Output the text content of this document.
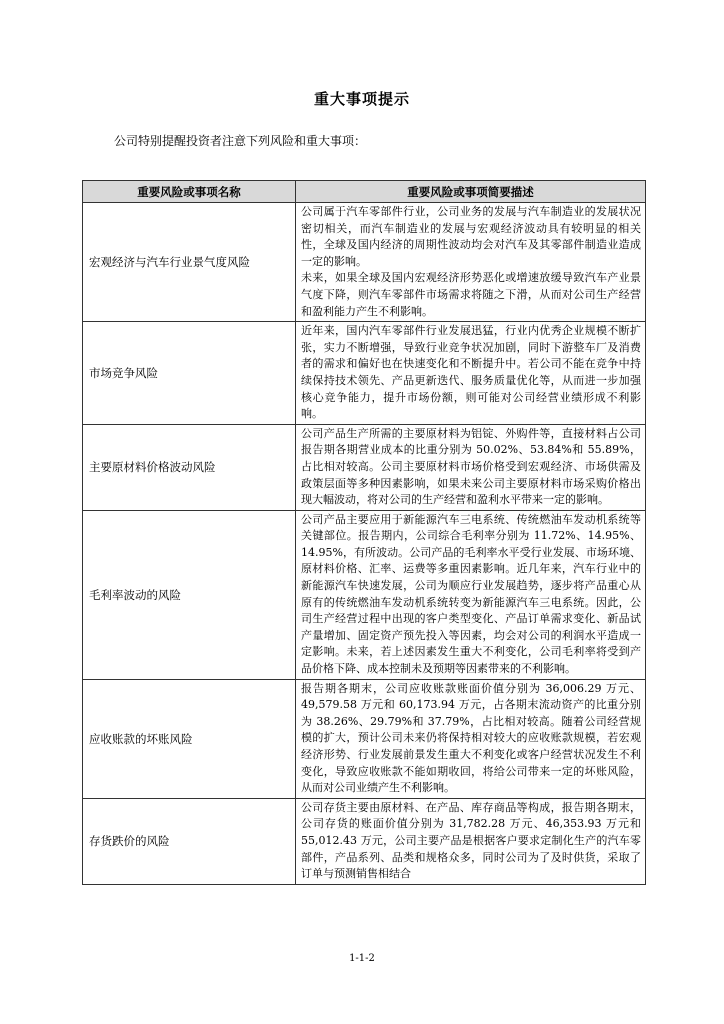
重大事项提示
公司特别提醒投资者注意下列风险和重大事项：
重要风险或事项名称	重要风险或事项简要描述
宏观经济与汽车行业景气度风险	公司属于汽车零部件行业，公司业务的发展与汽车制造业的发展状况密切相关，而汽车制造业的发展与宏观经济波动具有较明显的相关性，全球及国内经济的周期性波动均会对汽车及其零部件制造业造成一定的影响。
未来，如果全球及国内宏观经济形势恶化或增速放缓导致汽车产业景气度下降，则汽车零部件市场需求将随之下滑，从而对公司生产经营和盈利能力产生不利影响。

市场竞争风险	近年来，国内汽车零部件行业发展迅猛，行业内优秀企业规模不断扩张，实力不断增强，导致行业竞争状况加剧，同时下游整车厂及消费者的需求和偏好也在快速变化和不断提升中。若公司不能在竞争中持续保持技术领先、产品更新迭代、服务质量优化等，从而进一步加强核心竞争能力，提升市场份额，则可能对公司经营业绩形成不利影响。

主要原材料价格波动风险	公司产品生产所需的主要原材料为铝锭、外购件等，直接材料占公司报告期各期营业成本的比重分别为 50.02%、53.84%和 55.89%，占比相对较高。公司主要原材料市场价格受到宏观经济、市场供需及政策层面等多种因素影响，如果未来公司主要原材料市场采购价格出现大幅波动，将对公司的生产经营和盈利水平带来一定的影响。

毛利率波动的风险	公司产品主要应用于新能源汽车三电系统、传统燃油车发动机系统等关键部位。报告期内，公司综合毛利率分别为 11.72%、14.95%、14.95%，有所波动。公司产品的毛利率水平受行业发展、市场环境、原材料价格、汇率、运费等多重因素影响。近几年来，汽车行业中的新能源汽车快速发展，公司为顺应行业发展趋势，逐步将产品重心从原有的传统燃油车发动机系统转变为新能源汽车三电系统。因此，公司生产经营过程中出现的客户类型变化、产品订单需求变化、新品试产量增加、固定资产预先投入等因素，均会对公司的利润水平造成一定影响。未来，若上述因素发生重大不利变化，公司毛利率将受到产品价格下降、成本控制未及预期等因素带来的不利影响。

应收账款的坏账风险	报告期各期末，公司应收账款账面价值分别为 36,006.29 万元、49,579.58 万元和 60,173.94 万元，占各期末流动资产的比重分别为 38.26%、29.79%和 37.79%，占比相对较高。随着公司经营规模的扩大，预计公司未来仍将保持相对较大的应收账款规模，若宏观经济形势、行业发展前景发生重大不利变化或客户经营状况发生不利变化，导致应收账款不能如期收回，将给公司带来一定的坏账风险，从而对公司业绩产生不利影响。

存货跌价的风险	公司存货主要由原材料、在产品、库存商品等构成，报告期各期末，公司存货的账面价值分别为 31,782.28 万元、46,353.93 万元和 55,012.43 万元，公司主要产品是根据客户要求定制化生产的汽车零部件，产品系列、品类和规格众多，同时公司为了及时供货，采取了订单与预测销售相结合
1-1-2
